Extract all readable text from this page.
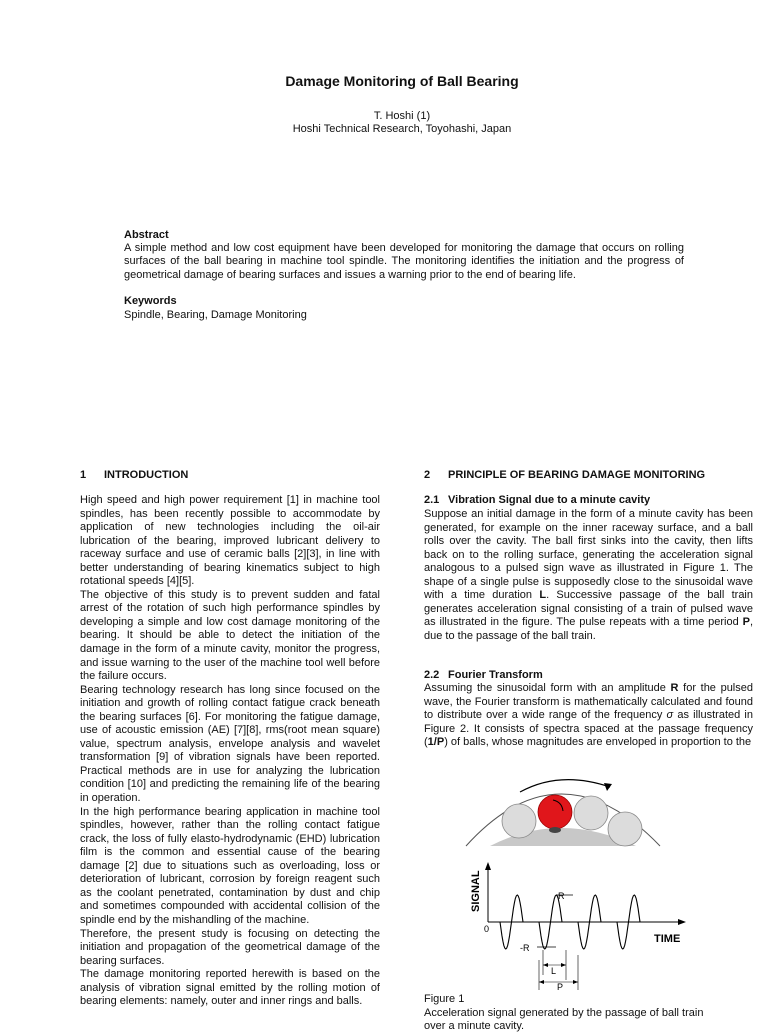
Damage Monitoring of Ball Bearing
T. Hoshi (1)
Hoshi Technical Research, Toyohashi, Japan
Abstract
A simple method and low cost equipment have been developed for monitoring the damage that occurs on rolling surfaces of the ball bearing in machine tool spindle. The monitoring identifies the initiation and the progress of geometrical damage of bearing surfaces and issues a warning prior to the end of bearing life.
Keywords
Spindle, Bearing, Damage Monitoring
1 INTRODUCTION

High speed and high power requirement [1] in machine tool spindles, has been recently possible to accommodate by application of new technologies including the oil-air lubrication of the bearing, improved lubricant delivery to raceway surface and use of ceramic balls [2][3], in line with better understanding of bearing kinematics subject to high rotational speeds [4][5].

The objective of this study is to prevent sudden and fatal arrest of the rotation of such high performance spindles by developing a simple and low cost damage monitoring of the bearing. It should be able to detect the initiation of the damage in the form of a minute cavity, monitor the progress, and issue warning to the user of the machine tool well before the failure occurs.

Bearing technology research has long since focused on the initiation and growth of rolling contact fatigue crack beneath the bearing surfaces [6]. For monitoring the fatigue damage, use of acoustic emission (AE) [7][8], rms(root mean square) value, spectrum analysis, envelope analysis and wavelet transformation [9] of vibration signals have been reported. Practical methods are in use for analyzing the lubrication condition [10] and predicting the remaining life of the bearing in operation.

In the high performance bearing application in machine tool spindles, however, rather than the rolling contact fatigue crack, the loss of fully elasto-hydrodynamic (EHD) lubrication film is the common and essential cause of the bearing damage [2] due to situations such as overloading, loss or deterioration of lubricant, corrosion by foreign reagent such as the coolant penetrated, contamination by dust and chip and sometimes compounded with accidental collision of the spindle end by the mishandling of the machine.

Therefore, the present study is focusing on detecting the initiation and propagation of the geometrical damage of the bearing surfaces.

The damage monitoring reported herewith is based on the analysis of vibration signal emitted by the rolling motion of bearing elements: namely, outer and inner rings and balls.

2 PRINCIPLE OF BEARING DAMAGE MONITORING
2.1 Vibration Signal due to a minute cavity

Suppose an initial damage in the form of a minute cavity has been generated, for example on the inner raceway surface, and a ball rolls over the cavity. The ball first sinks into the cavity, then lifts back on to the rolling surface, generating the acceleration signal analogous to a pulsed sign wave as illustrated in Figure 1. The shape of a single pulse is supposedly close to the sinusoidal wave with a time duration L. Successive passage of the ball train generates acceleration signal consisting of a train of pulsed wave as illustrated in the figure. The pulse repeats with a time period P, due to the passage of the ball train.

2.2 Fourier Transform

Assuming the sinusoidal form with an amplitude R for the pulsed wave, the Fourier transform is mathematically calculated and found to distribute over a wide range of the frequency σ as illustrated in Figure 2. It consists of spectra spaced at the passage frequency (1/P) of balls, whose magnitudes are enveloped in proportion to the

SIGNAL
TIME
0
R
-R
L
P
Figure 1Acceleration signal generated by the passage of ball train over a minute cavity.
